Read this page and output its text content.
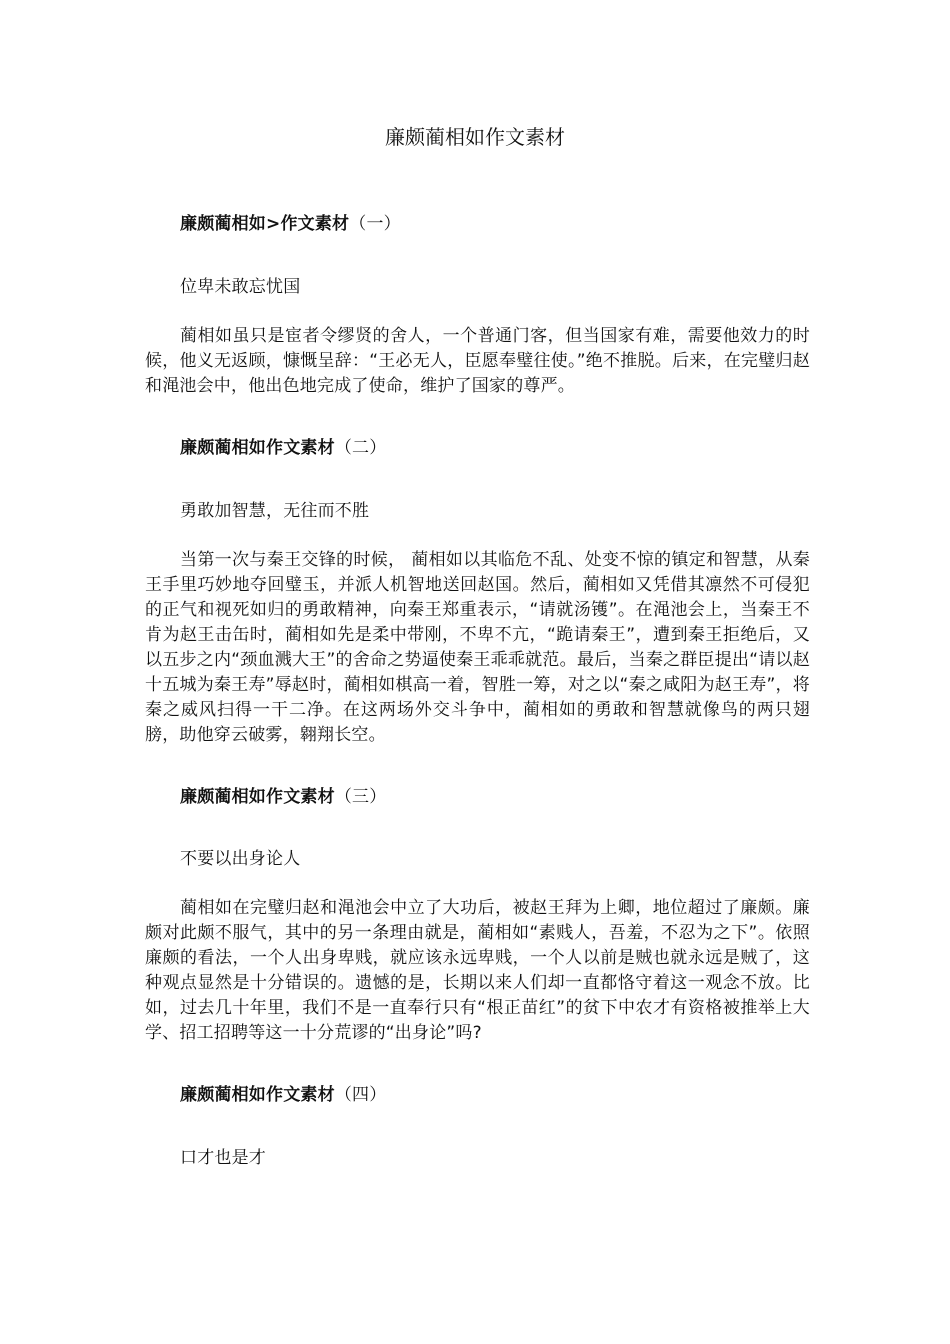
廉颇蔺相如作文素材

廉颇蔺相如>作文素材（一）

位卑未敢忘忧国

蔺相如虽只是宦者令缪贤的舍人，一个普通门客，但当国家有难，需要他效力的时候，他义无返顾，慷慨呈辞：“王必无人，臣愿奉璧往使。”绝不推脱。后来，在完璧归赵和渑池会中，他出色地完成了使命，维护了国家的尊严。

廉颇蔺相如作文素材（二）

勇敢加智慧，无往而不胜

当第一次与秦王交锋的时候， 蔺相如以其临危不乱、处变不惊的镇定和智慧，从秦王手里巧妙地夺回璧玉，并派人机智地送回赵国。然后，蔺相如又凭借其凛然不可侵犯的正气和视死如归的勇敢精神，向秦王郑重表示，“请就汤镬”。在渑池会上，当秦王不肯为赵王击缶时，蔺相如先是柔中带刚，不卑不亢，“跪请秦王”，遭到秦王拒绝后，又以五步之内“颈血溅大王”的舍命之势逼使秦王乖乖就范。最后，当秦之群臣提出“请以赵十五城为秦王寿”辱赵时，蔺相如棋高一着，智胜一筹，对之以“秦之咸阳为赵王寿”，将秦之威风扫得一干二净。在这两场外交斗争中，蔺相如的勇敢和智慧就像鸟的两只翅膀，助他穿云破雾，翱翔长空。

廉颇蔺相如作文素材（三）

不要以出身论人

蔺相如在完璧归赵和渑池会中立了大功后，被赵王拜为上卿，地位超过了廉颇。廉颇对此颇不服气，其中的另一条理由就是，蔺相如“素贱人，吾羞，不忍为之下”。依照廉颇的看法，一个人出身卑贱，就应该永远卑贱，一个人以前是贼也就永远是贼了，这种观点显然是十分错误的。遗憾的是，长期以来人们却一直都恪守着这一观念不放。比如，过去几十年里，我们不是一直奉行只有“根正苗红”的贫下中农才有资格被推举上大学、招工招聘等这一十分荒谬的“出身论”吗?

廉颇蔺相如作文素材（四）

口才也是才
